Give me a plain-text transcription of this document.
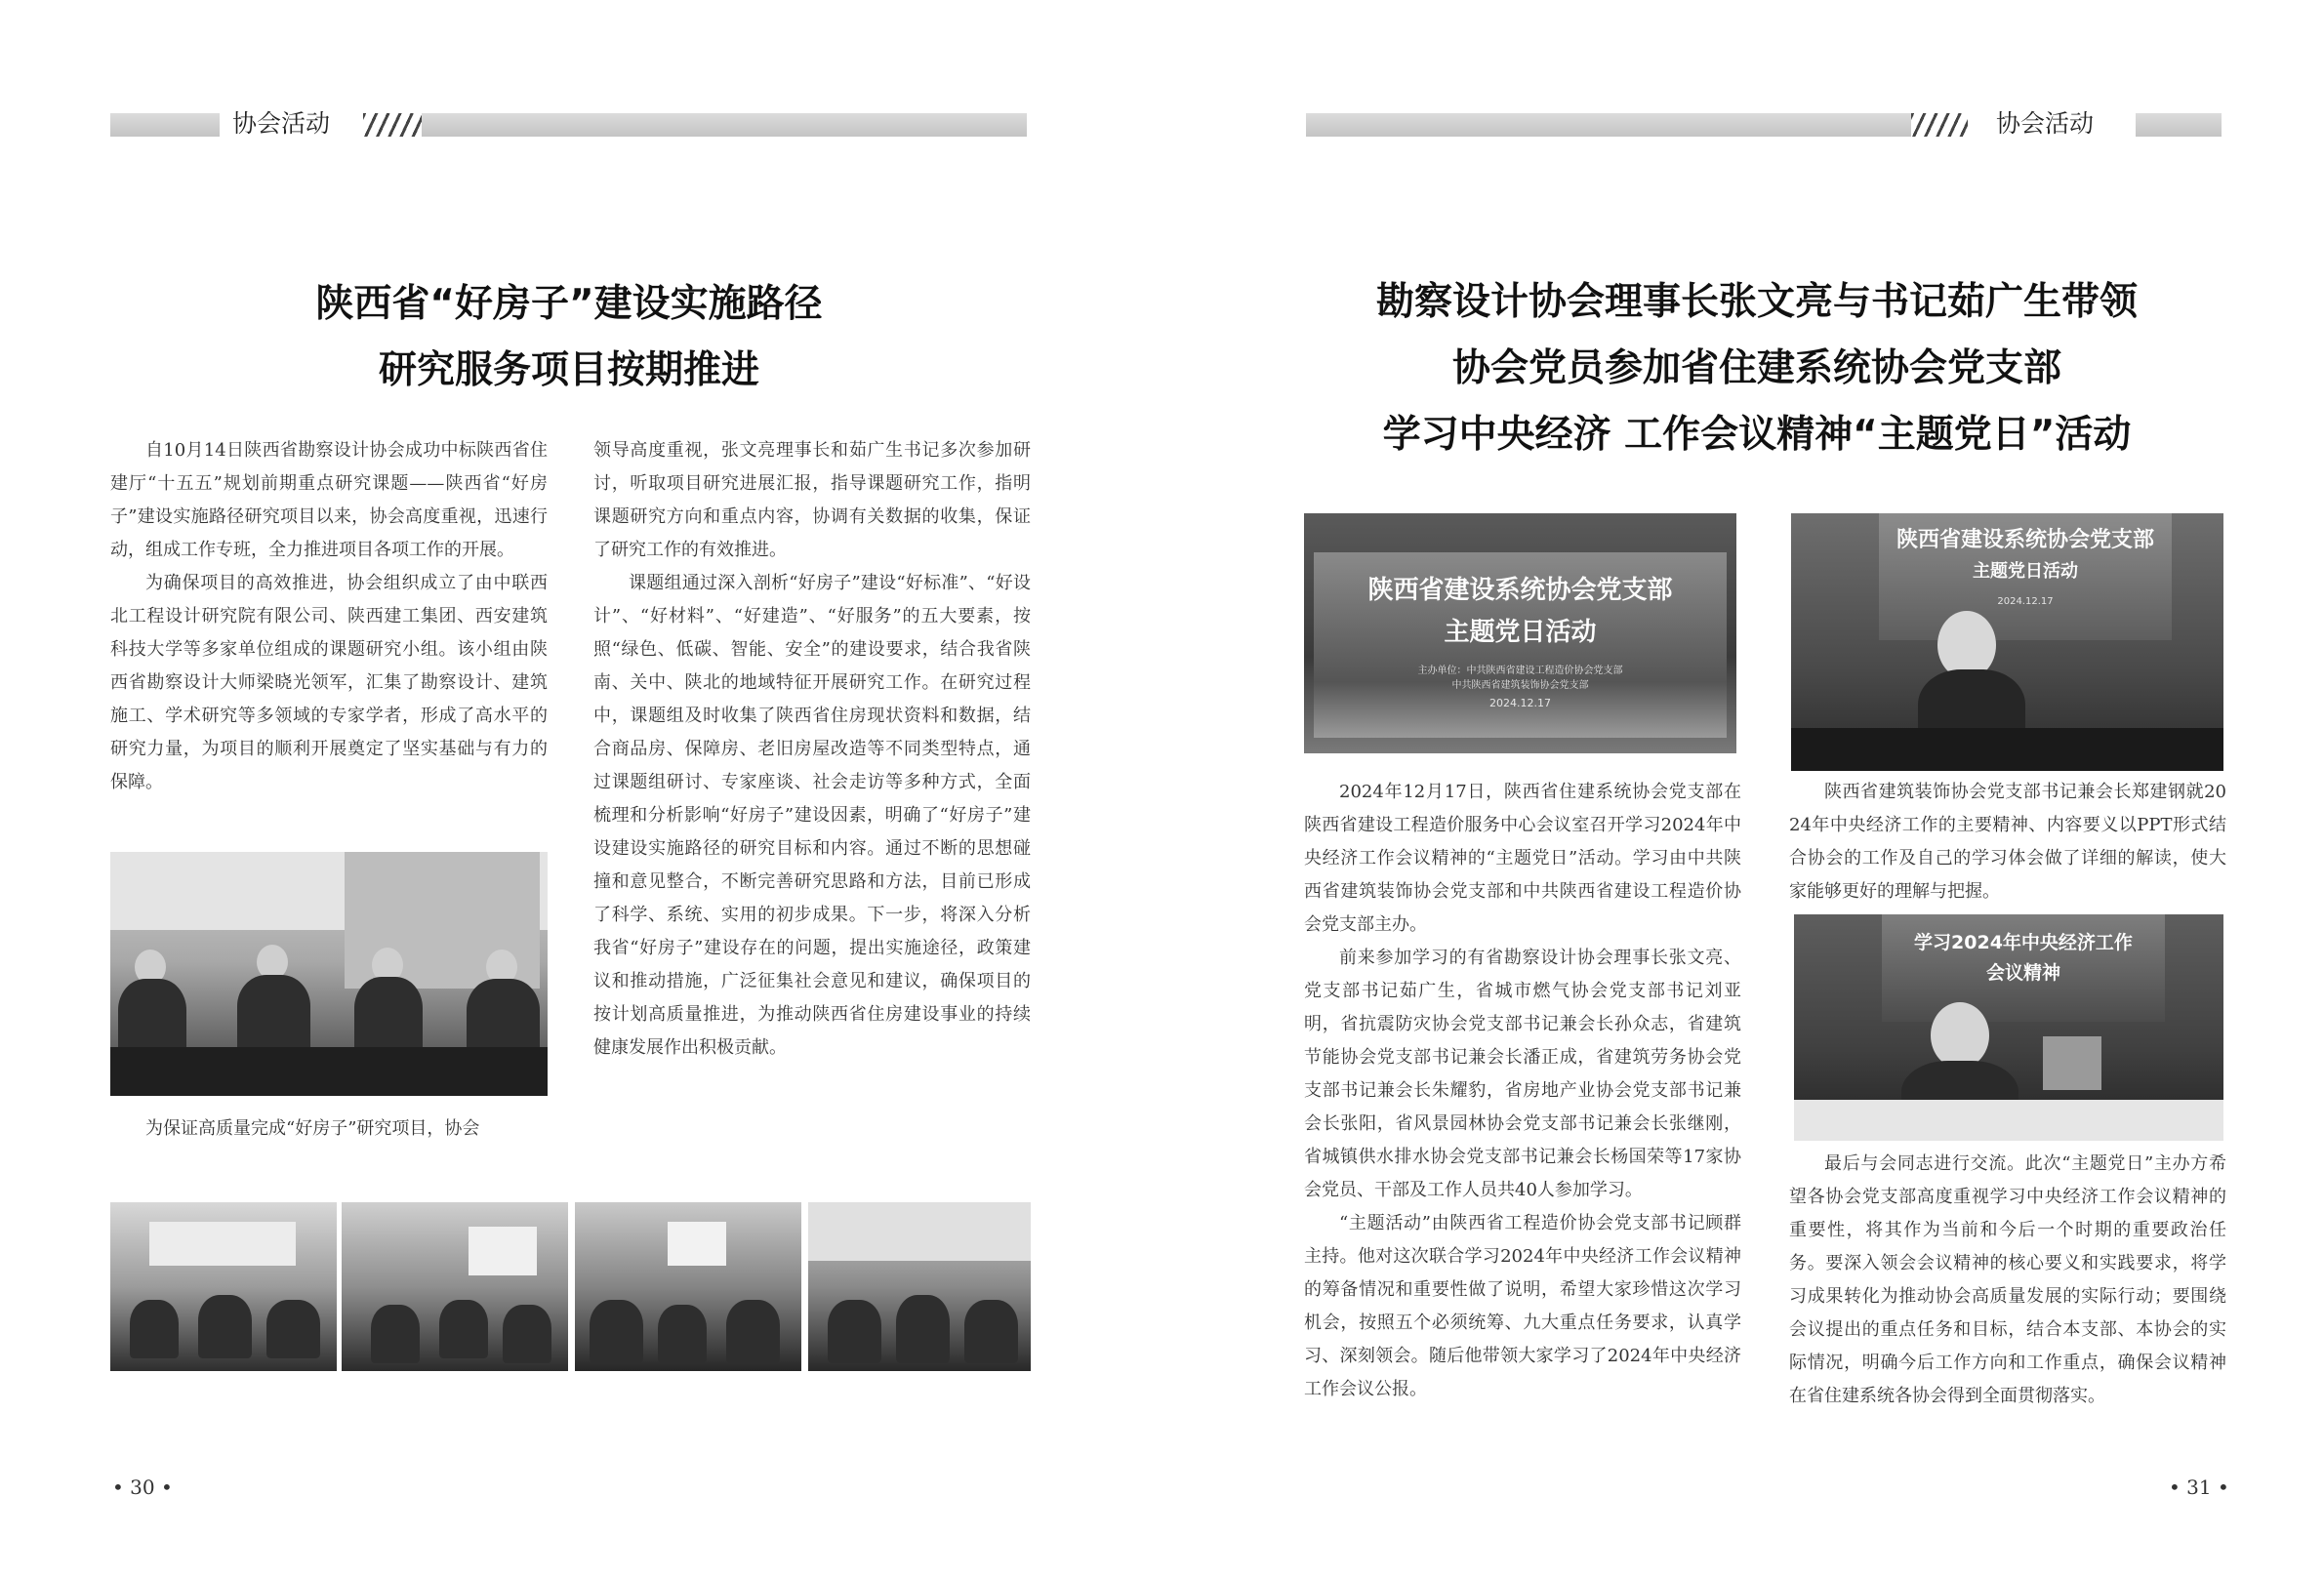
协会活动	协会活动
陕西省“好房子”建设实施路径
研究服务项目按期推进

自10月14日陕西省勘察设计协会成功中标陕西省住建厅“十五五”规划前期重点研究课题——陕西省“好房子”建设实施路径研究项目以来，协会高度重视，迅速行动，组成工作专班，全力推进项目各项工作的开展。

为确保项目的高效推进，协会组织成立了由中联西北工程设计研究院有限公司、陕西建工集团、西安建筑科技大学等多家单位组成的课题研究小组。该小组由陕西省勘察设计大师梁晓光领军，汇集了勘察设计、建筑施工、学术研究等多领域的专家学者，形成了高水平的研究力量，为项目的顺利开展奠定了坚实基础与有力的保障。

为保证高质量完成“好房子”研究项目，协会

领导高度重视，张文亮理事长和茹广生书记多次参加研讨，听取项目研究进展汇报，指导课题研究工作，指明课题研究方向和重点内容，协调有关数据的收集，保证了研究工作的有效推进。

课题组通过深入剖析“好房子”建设“好标准”、“好设计”、“好材料”、“好建造”、“好服务”的五大要素，按照“绿色、低碳、智能、安全”的建设要求，结合我省陕南、关中、陕北的地域特征开展研究工作。在研究过程中，课题组及时收集了陕西省住房现状资料和数据，结合商品房、保障房、老旧房屋改造等不同类型特点，通过课题组研讨、专家座谈、社会走访等多种方式，全面梳理和分析影响“好房子”建设因素，明确了“好房子”建设建设实施路径的研究目标和内容。通过不断的思想碰撞和意见整合，不断完善研究思路和方法，目前已形成了科学、系统、实用的初步成果。下一步，将深入分析我省“好房子”建设存在的问题，提出实施途径，政策建议和推动措施，广泛征集社会意见和建议，确保项目的按计划高质量推进，为推动陕西省住房建设事业的持续健康发展作出积极贡献。

• 30 •
勘察设计协会理事长张文亮与书记茹广生带领
协会党员参加省住建系统协会党支部
学习中央经济 工作会议精神“主题党日”活动
陕西省建设系统协会党支部
主题党日活动
主办单位：中共陕西省建设工程造价协会党支部
中共陕西省建筑装饰协会党支部
2024.12.17
陕西省建设系统协会党支部
主题党日活动
2024.12.17

2024年12月17日，陕西省住建系统协会党支部在陕西省建设工程造价服务中心会议室召开学习2024年中央经济工作会议精神的“主题党日”活动。学习由中共陕西省建筑装饰协会党支部和中共陕西省建设工程造价协会党支部主办。

前来参加学习的有省勘察设计协会理事长张文亮、党支部书记茹广生，省城市燃气协会党支部书记刘亚明，省抗震防灾协会党支部书记兼会长孙众志，省建筑节能协会党支部书记兼会长潘正成，省建筑劳务协会党支部书记兼会长朱耀豹，省房地产业协会党支部书记兼会长张阳，省风景园林协会党支部书记兼会长张继刚，省城镇供水排水协会党支部书记兼会长杨国荣等17家协会党员、干部及工作人员共40人参加学习。

“主题活动”由陕西省工程造价协会党支部书记顾群主持。他对这次联合学习2024年中央经济工作会议精神的筹备情况和重要性做了说明，希望大家珍惜这次学习机会，按照五个必须统筹、九大重点任务要求，认真学习、深刻领会。随后他带领大家学习了2024年中央经济工作会议公报。

陕西省建筑装饰协会党支部书记兼会长郑建钢就2024年中央经济工作的主要精神、内容要义以PPT形式结合协会的工作及自己的学习体会做了详细的解读，使大家能够更好的理解与把握。

学习2024年中央经济工作
会议精神

最后与会同志进行交流。此次“主题党日”主办方希望各协会党支部高度重视学习中央经济工作会议精神的重要性，将其作为当前和今后一个时期的重要政治任务。要深入领会会议精神的核心要义和实践要求，将学习成果转化为推动协会高质量发展的实际行动；要围绕会议提出的重点任务和目标，结合本支部、本协会的实际情况，明确今后工作方向和工作重点，确保会议精神在省住建系统各协会得到全面贯彻落实。

• 31 •
